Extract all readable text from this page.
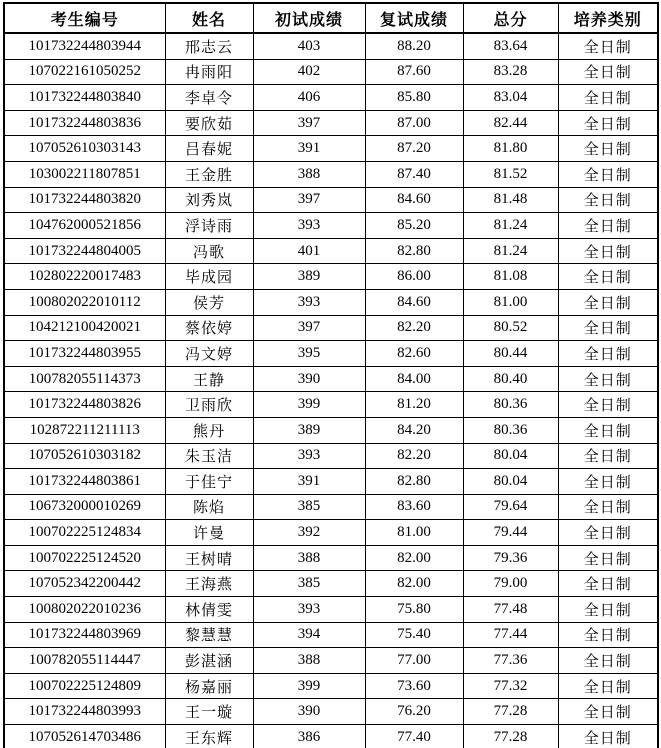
考生编号	姓名	初试成绩	复试成绩	总分	培养类别
101732244803944	邢志云	403	88.20	83.64	全日制
107022161050252	冉雨阳	402	87.60	83.28	全日制
101732244803840	李卓令	406	85.80	83.04	全日制
101732244803836	要欣茹	397	87.00	82.44	全日制
107052610303143	吕春妮	391	87.20	81.80	全日制
103002211807851	王金胜	388	87.40	81.52	全日制
101732244803820	刘秀岚	397	84.60	81.48	全日制
104762000521856	浮诗雨	393	85.20	81.24	全日制
101732244804005	冯歌	401	82.80	81.24	全日制
102802220017483	毕成园	389	86.00	81.08	全日制
100802022010112	侯芳	393	84.60	81.00	全日制
104212100420021	蔡依婷	397	82.20	80.52	全日制
101732244803955	冯文婷	395	82.60	80.44	全日制
100782055114373	王静	390	84.00	80.40	全日制
101732244803826	卫雨欣	399	81.20	80.36	全日制
102872211211113	熊丹	389	84.20	80.36	全日制
107052610303182	朱玉洁	393	82.20	80.04	全日制
101732244803861	于佳宁	391	82.80	80.04	全日制
106732000010269	陈焰	385	83.60	79.64	全日制
100702225124834	许曼	392	81.00	79.44	全日制
100702225124520	王树晴	388	82.00	79.36	全日制
107052342200442	王海燕	385	82.00	79.00	全日制
100802022010236	林倩雯	393	75.80	77.48	全日制
101732244803969	黎慧慧	394	75.40	77.44	全日制
100782055114447	彭湛涵	388	77.00	77.36	全日制
100702225124809	杨嘉丽	399	73.60	77.32	全日制
101732244803993	王一璇	390	76.20	77.28	全日制
107052614703486	王东辉	386	77.40	77.28	全日制
